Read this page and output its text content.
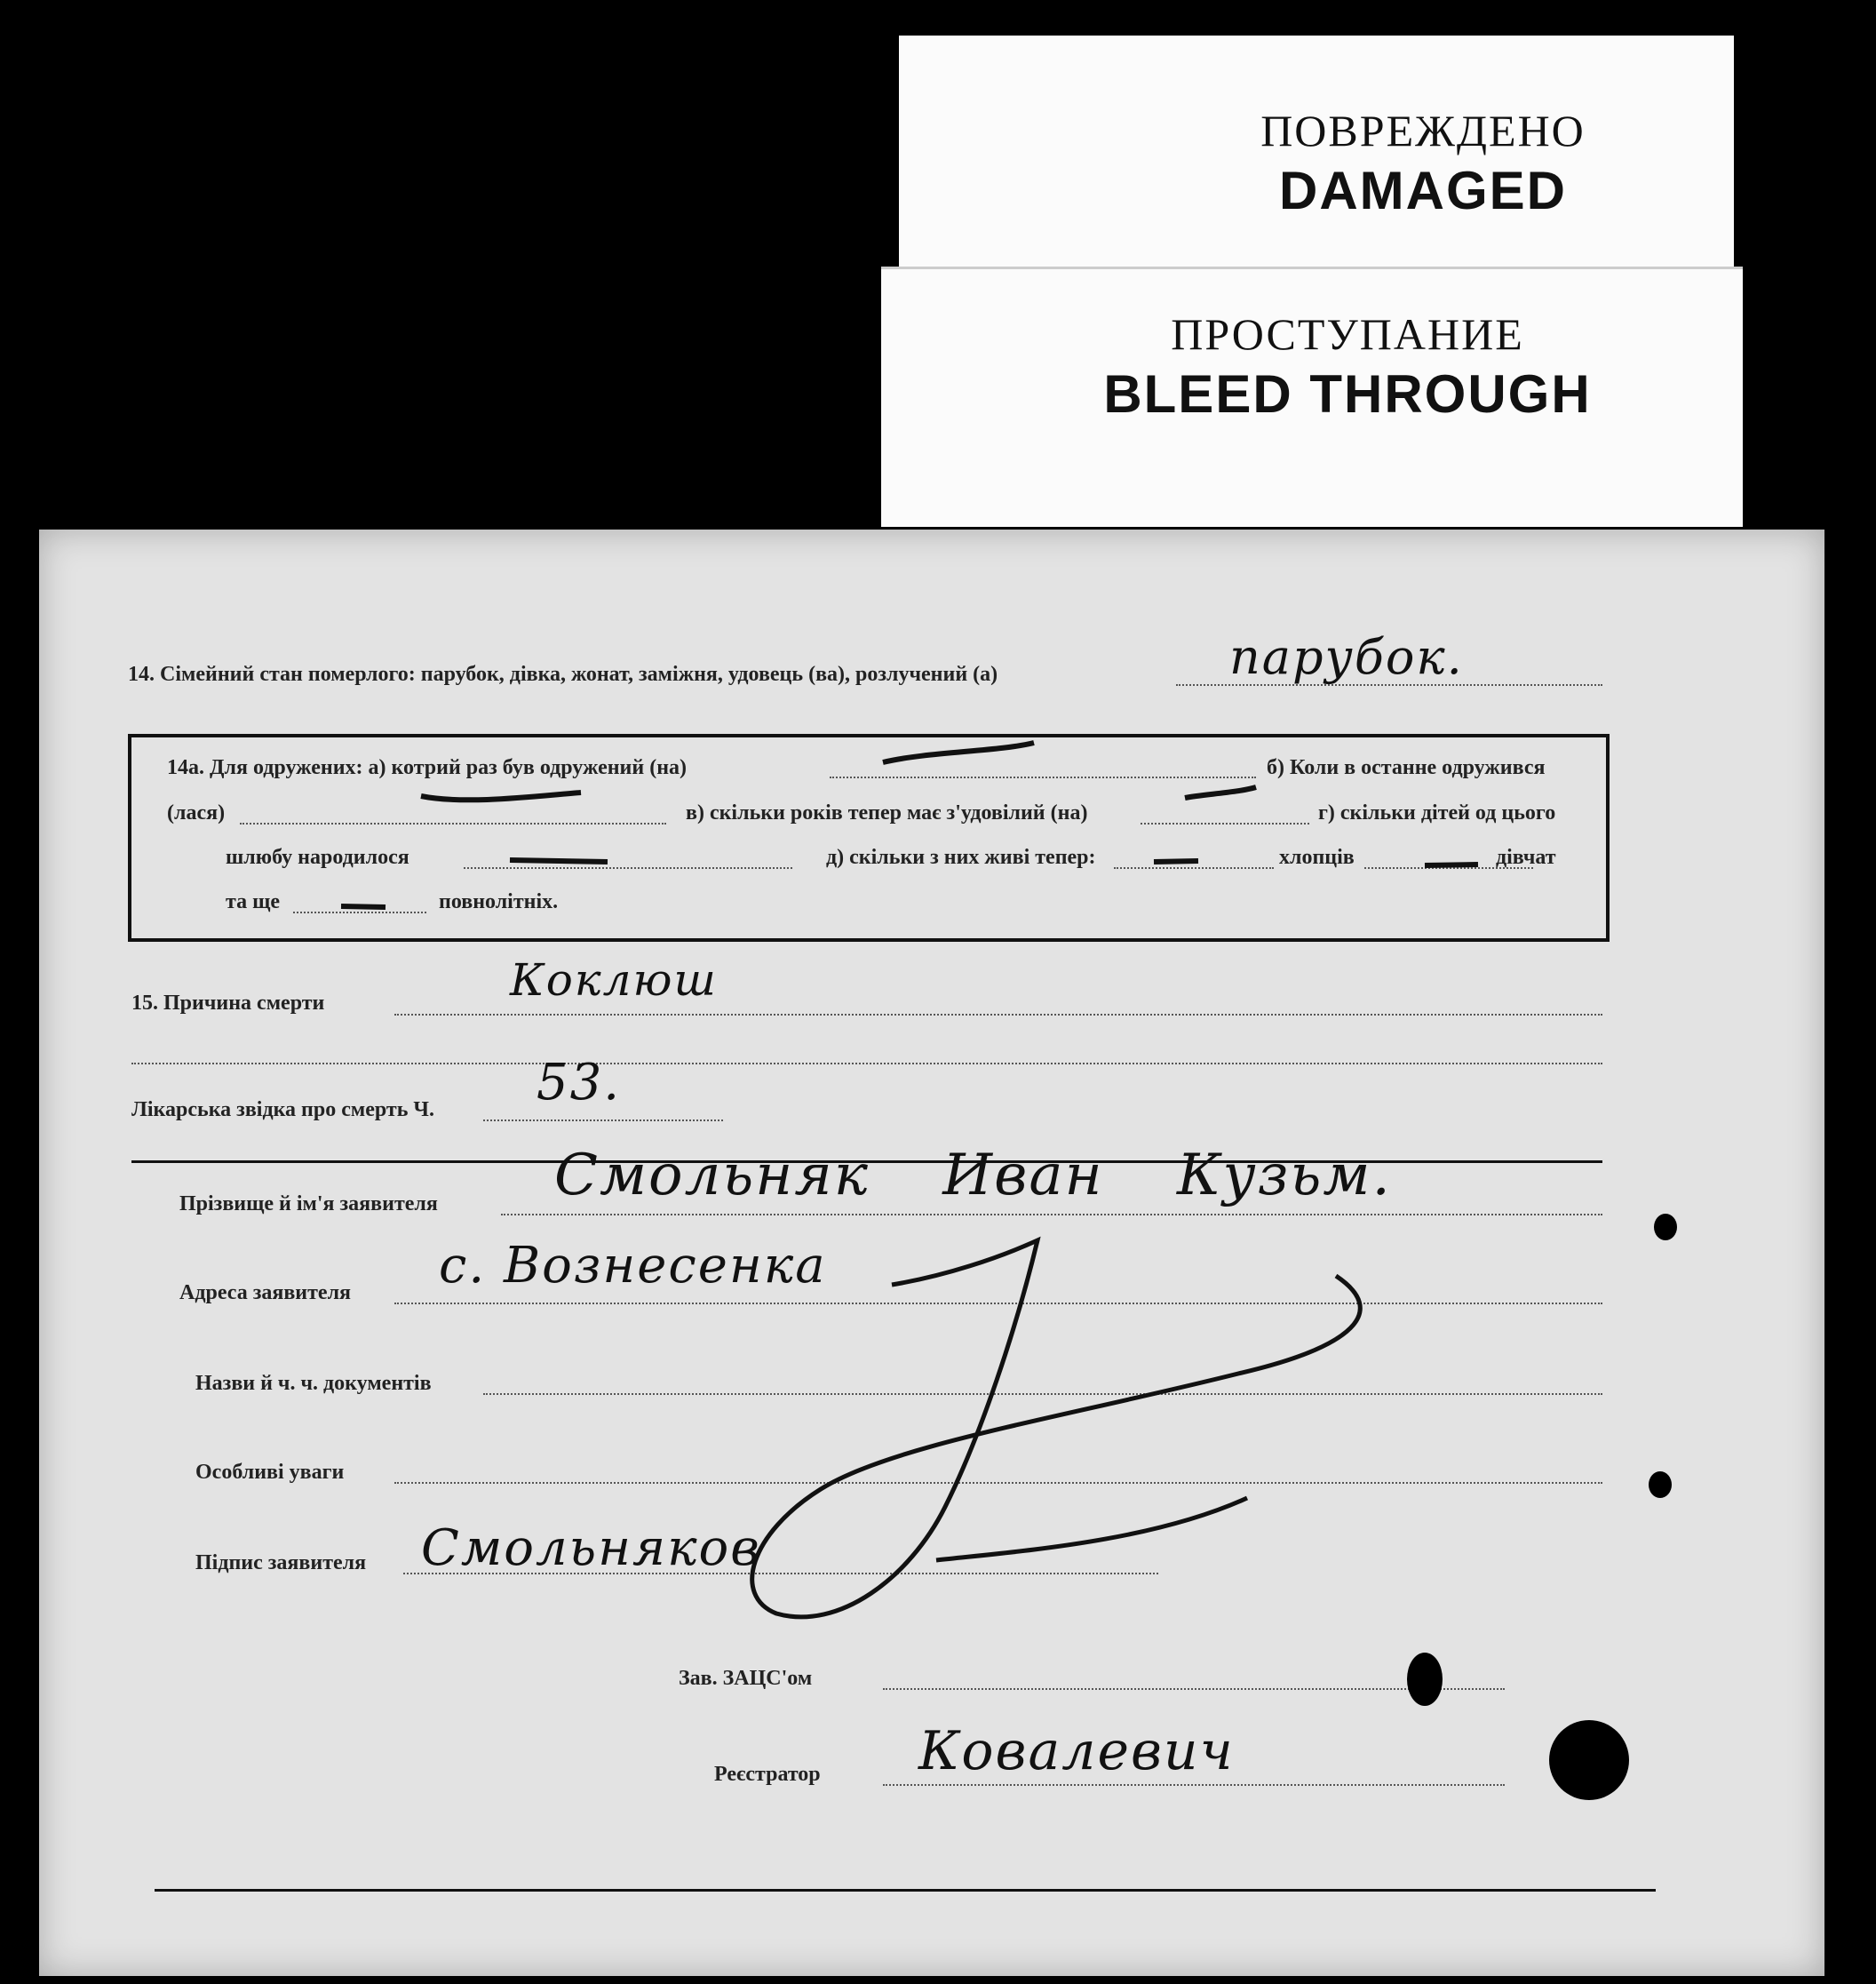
ПОВРЕЖДЕНО
DAMAGED
ПРОСТУПАНИЕ
BLEED THROUGH
14. Сімейний стан померлого: парубок, дівка, жонат, заміжня, удовець (ва), розлучений (а)	парубок.
14а. Для одружених: а) котрий раз був одружений (на)	б) Коли в останне одружився
(лася)	в) скільки років тепер має з'удовілий (на)	г) скільки дітей од цього
шлюбу народилося	д) скільки з них живі тепер:	хлопців	дівчат
та ще	повнолітніх.
15. Причина смерти	Коклюш
Лікарська звідка про смерть Ч. 53.
Прізвище й ім'я заявителя Смольняк Иван Кузьм.
Адреса заявителя с. Вознесенка
Назви й ч. ч. документів
Особливі уваги
Підпис заявителя Смольняков
Зав. ЗАЦС'ом
Реєстратор Ковалевич
